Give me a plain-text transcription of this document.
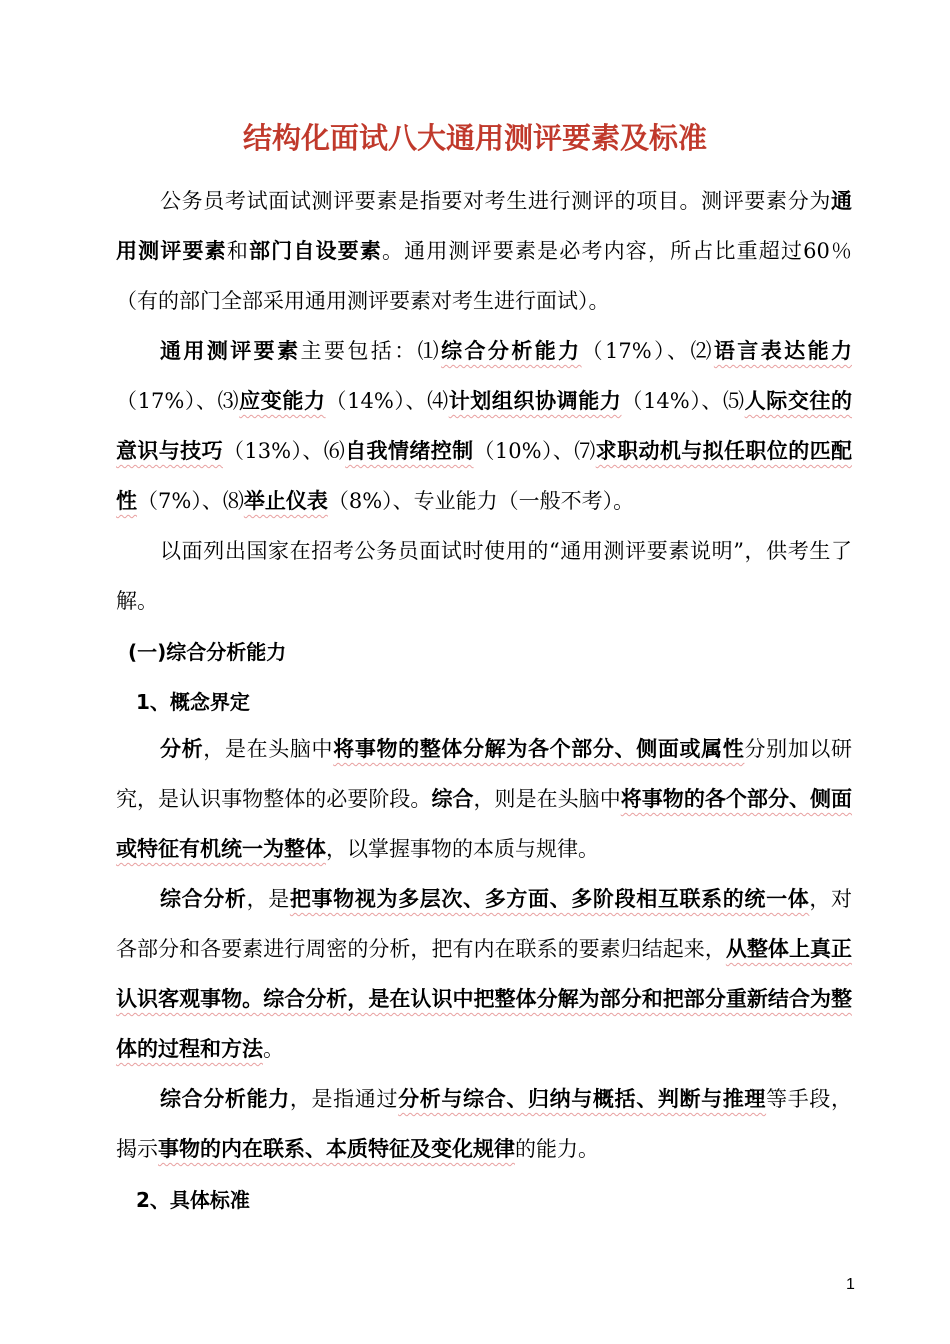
结构化面试八大通用测评要素及标准
公务员考试面试测评要素是指要对考生进行测评的项目。测评要素分为通用测评要素和部门自设要素。通用测评要素是必考内容，所占比重超过60％（有的部门全部采用通用测评要素对考生进行面试）。
通用测评要素主要包括：⑴综合分析能力（17%）、⑵语言表达能力（17%）、⑶应变能力（14%）、⑷计划组织协调能力（14%）、⑸人际交往的意识与技巧（13%）、⑹自我情绪控制（10%）、⑺求职动机与拟任职位的匹配性（7%）、⑻举止仪表（8%）、专业能力（一般不考）。
以面列出国家在招考公务员面试时使用的“通用测评要素说明”，供考生了解。
(一)综合分析能力
1、概念界定
分析，是在头脑中将事物的整体分解为各个部分、侧面或属性分别加以研究，是认识事物整体的必要阶段。综合，则是在头脑中将事物的各个部分、侧面或特征有机统一为整体，以掌握事物的本质与规律。
综合分析，是把事物视为多层次、多方面、多阶段相互联系的统一体，对各部分和各要素进行周密的分析，把有内在联系的要素归结起来，从整体上真正认识客观事物。综合分析，是在认识中把整体分解为部分和把部分重新结合为整体的过程和方法。
综合分析能力，是指通过分析与综合、归纳与概括、判断与推理等手段，揭示事物的内在联系、本质特征及变化规律的能力。
2、具体标准
1
